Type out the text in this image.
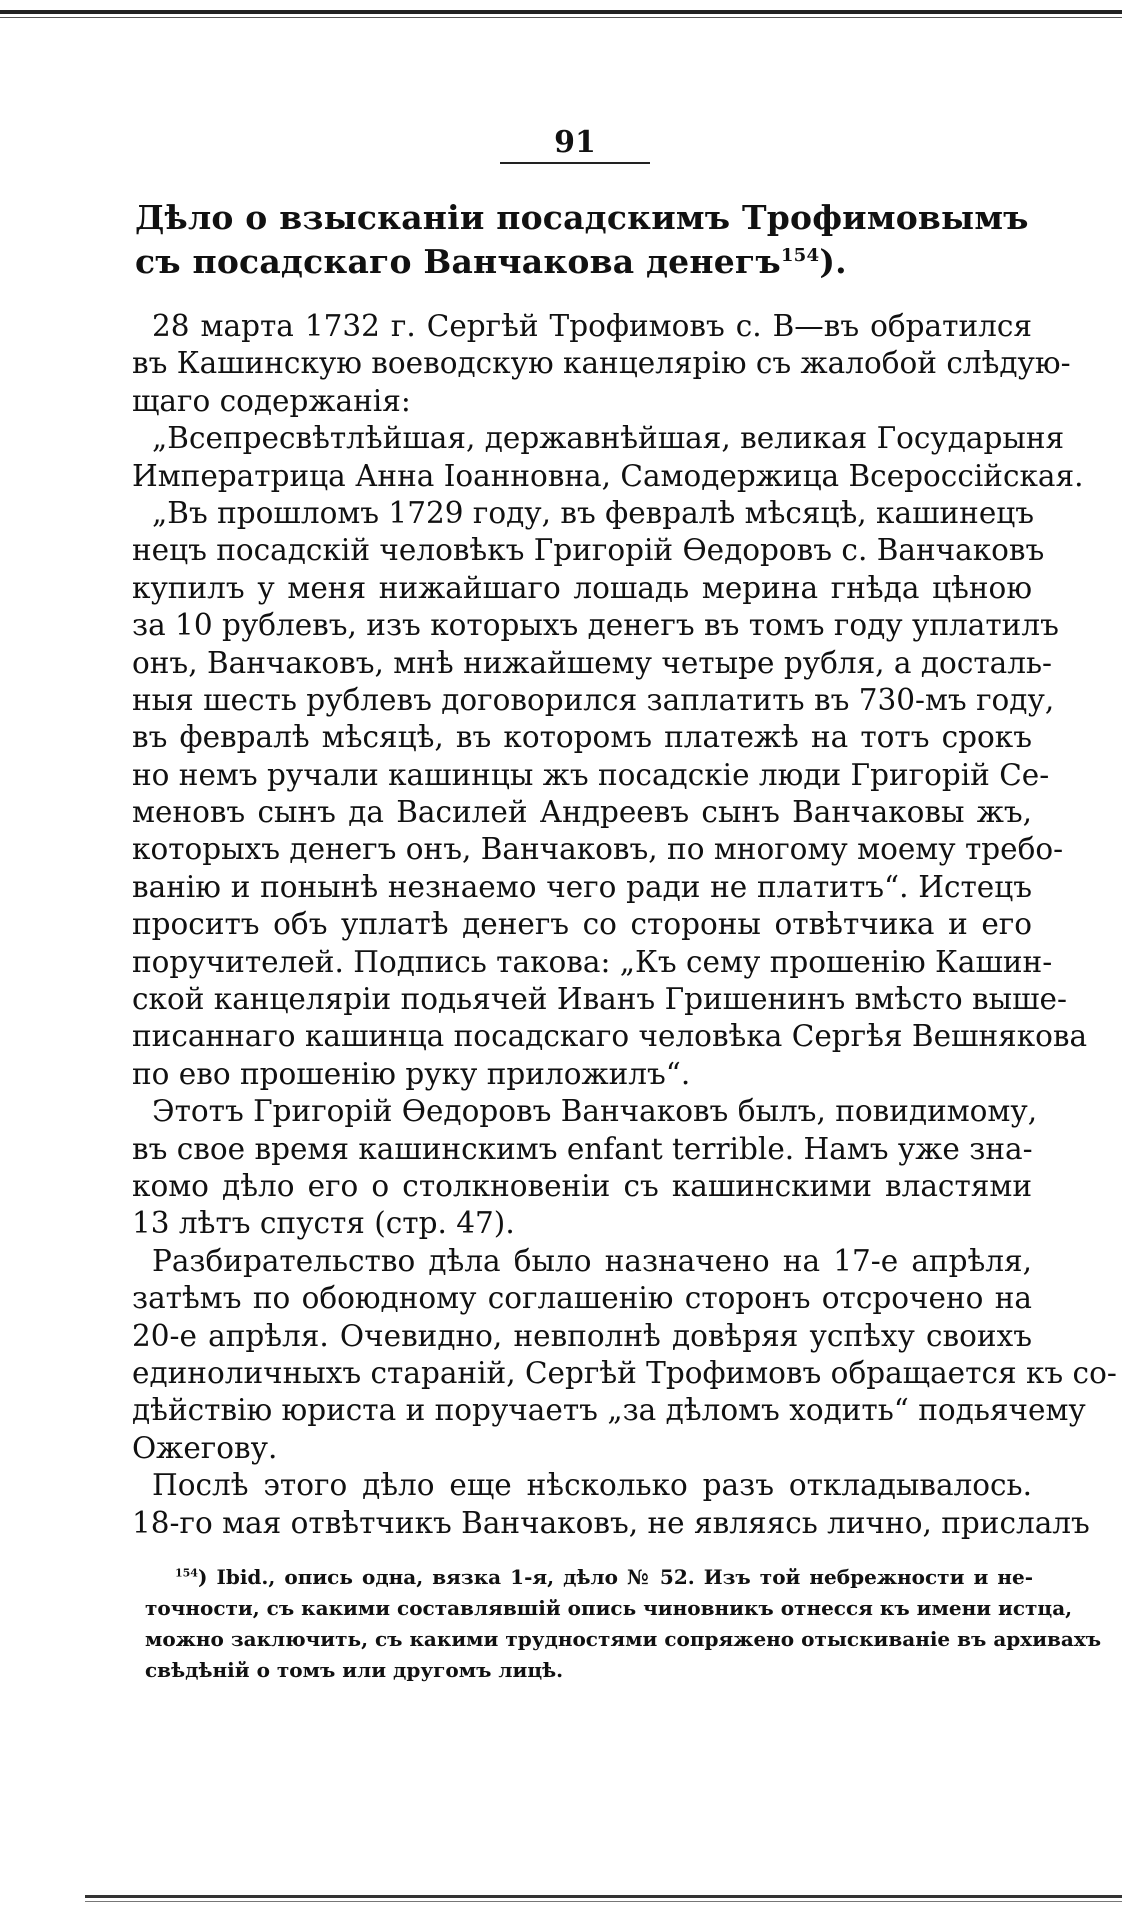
91
Дѣло о взысканіи посадскимъ Трофимовымъ
съ посадскаго Ванчакова денегъ$^{154}$).
28 марта 1732 г. Сергѣй Трофимовъ с. В—въ обратился
въ Кашинскую воеводскую канцелярію съ жалобой слѣдую-
щаго содержанія:
„Всепресвѣтлѣйшая, державнѣйшая, великая Государыня
Императрица Анна Іоанновна, Самодержица Всероссійская.
„Въ прошломъ 1729 году, въ февралѣ мѣсяцѣ, кашинецъ
нецъ посадскій человѣкъ Григорій Ѳедоровъ с. Ванчаковъ
купилъ у меня нижайшаго лошадь мерина гнѣда цѣною
за 10 рублевъ, изъ которыхъ денегъ въ томъ году уплатилъ
онъ, Ванчаковъ, мнѣ нижайшему четыре рубля, а досталь-
ныя шесть рублевъ договорился заплатить въ 730-мъ году,
въ февралѣ мѣсяцѣ, въ которомъ платежѣ на тотъ срокъ
но немъ ручали кашинцы жъ посадскіе люди Григорій Се-
меновъ сынъ да Василей Андреевъ сынъ Ванчаковы жъ,
которыхъ денегъ онъ, Ванчаковъ, по многому моему требо-
ванію и понынѣ незнаемо чего ради не платитъ“. Истецъ
проситъ объ уплатѣ денегъ со стороны отвѣтчика и его
поручителей. Подпись такова: „Къ сему прошенію Кашин-
ской канцеляріи подьячей Иванъ Гришенинъ вмѣсто выше-
писаннаго кашинца посадскаго человѣка Сергѣя Вешнякова
по ево прошенію руку приложилъ“.
Этотъ Григорій Ѳедоровъ Ванчаковъ былъ, повидимому,
въ свое время кашинскимъ enfant terrible. Намъ уже зна-
комо дѣло его о столкновеніи съ кашинскими властями
13 лѣтъ спустя (стр. 47).
Разбирательство дѣла было назначено на 17-е апрѣля,
затѣмъ по обоюдному соглашенію сторонъ отсрочено на
20-е апрѣля. Очевидно, невполнѣ довѣряя успѣху своихъ
единоличныхъ стараній, Сергѣй Трофимовъ обращается къ со-
дѣйствію юриста и поручаетъ „за дѣломъ ходить“ подьячему
Ожегову.
Послѣ этого дѣло еще нѣсколько разъ откладывалось.
18-го мая отвѣтчикъ Ванчаковъ, не являясь лично, прислалъ
$^{154}$) Ibid., опись одна, вязка 1-я, дѣло № 52. Изъ той небрежности и не-
точности, съ какими составлявшій опись чиновникъ отнесся къ имени истца,
можно заключить, съ какими трудностями сопряжено отыскиваніе въ архивахъ
свѣдѣній о томъ или другомъ лицѣ.
